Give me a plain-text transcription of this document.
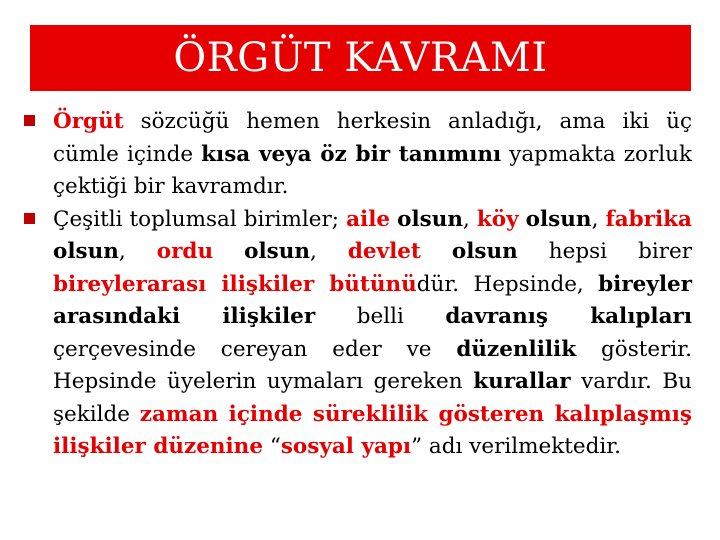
ÖRGÜT KAVRAMI

Örgüt sözcüğü hemen herkesin anladığı, ama iki üç cümle içinde kısa veya öz bir tanımını yapmakta zorluk çektiği bir kavramdır.

Çeşitli toplumsal birimler; aile olsun, köy olsun, fabrika olsun, ordu olsun, devlet olsun hepsi birer bireylerarası ilişkiler bütünüdür. Hepsinde, bireyler arasındaki ilişkiler belli davranış kalıpları çerçevesinde cereyan eder ve düzenlilik gösterir. Hepsinde üyelerin uymaları gereken kurallar vardır. Bu şekilde zaman içinde süreklilik gösteren kalıplaşmış ilişkiler düzenine “sosyal yapı” adı verilmektedir.
